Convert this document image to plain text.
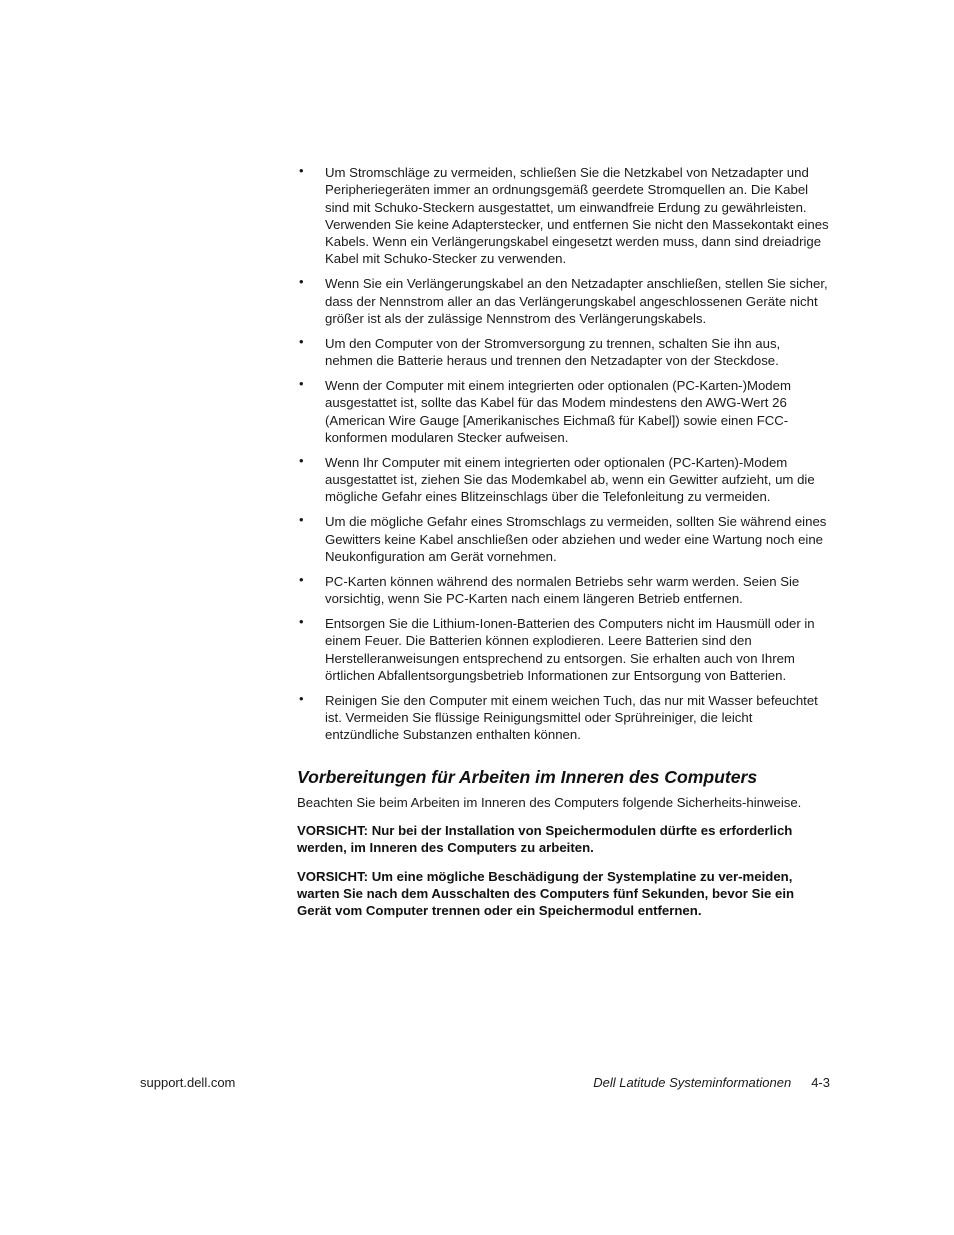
• Um Stromschläge zu vermeiden, schließen Sie die Netzkabel von Netzadapter und Peripheriegeräten immer an ordnungsgemäß geerdete Stromquellen an. Die Kabel sind mit Schuko-Steckern ausgestattet, um einwandfreie Erdung zu gewährleisten. Verwenden Sie keine Adapterstecker, und entfernen Sie nicht den Massekontakt eines Kabels. Wenn ein Verlängerungskabel eingesetzt werden muss, dann sind dreiadrige Kabel mit Schuko-Stecker zu verwenden.
• Wenn Sie ein Verlängerungskabel an den Netzadapter anschließen, stellen Sie sicher, dass der Nennstrom aller an das Verlängerungskabel angeschlossenen Geräte nicht größer ist als der zulässige Nennstrom des Verlängerungskabels.
• Um den Computer von der Stromversorgung zu trennen, schalten Sie ihn aus, nehmen die Batterie heraus und trennen den Netzadapter von der Steckdose.
• Wenn der Computer mit einem integrierten oder optionalen (PC-Karten-)Modem ausgestattet ist, sollte das Kabel für das Modem mindestens den AWG-Wert 26 (American Wire Gauge [Amerikanisches Eichmaß für Kabel]) sowie einen FCC-konformen modularen Stecker aufweisen.
• Wenn Ihr Computer mit einem integrierten oder optionalen (PC-Karten)-Modem ausgestattet ist, ziehen Sie das Modemkabel ab, wenn ein Gewitter aufzieht, um die mögliche Gefahr eines Blitzeinschlags über die Telefonleitung zu vermeiden.
• Um die mögliche Gefahr eines Stromschlags zu vermeiden, sollten Sie während eines Gewitters keine Kabel anschließen oder abziehen und weder eine Wartung noch eine Neukonfiguration am Gerät vornehmen.
• PC-Karten können während des normalen Betriebs sehr warm werden. Seien Sie vorsichtig, wenn Sie PC-Karten nach einem längeren Betrieb entfernen.
• Entsorgen Sie die Lithium-Ionen-Batterien des Computers nicht im Hausmüll oder in einem Feuer. Die Batterien können explodieren. Leere Batterien sind den Herstelleranweisungen entsprechend zu entsorgen. Sie erhalten auch von Ihrem örtlichen Abfallentsorgungsbetrieb Informationen zur Entsorgung von Batterien.
• Reinigen Sie den Computer mit einem weichen Tuch, das nur mit Wasser befeuchtet ist. Vermeiden Sie flüssige Reinigungsmittel oder Sprühreiniger, die leicht entzündliche Substanzen enthalten können.
Vorbereitungen für Arbeiten im Inneren des Computers

Beachten Sie beim Arbeiten im Inneren des Computers folgende Sicherheits-hinweise.

VORSICHT: Nur bei der Installation von Speichermodulen dürfte es erforderlich werden, im Inneren des Computers zu arbeiten.

VORSICHT: Um eine mögliche Beschädigung der Systemplatine zu ver-meiden, warten Sie nach dem Ausschalten des Computers fünf Sekunden, bevor Sie ein Gerät vom Computer trennen oder ein Speichermodul entfernen.

support.dell.com	Dell Latitude Systeminformationen 4-3
